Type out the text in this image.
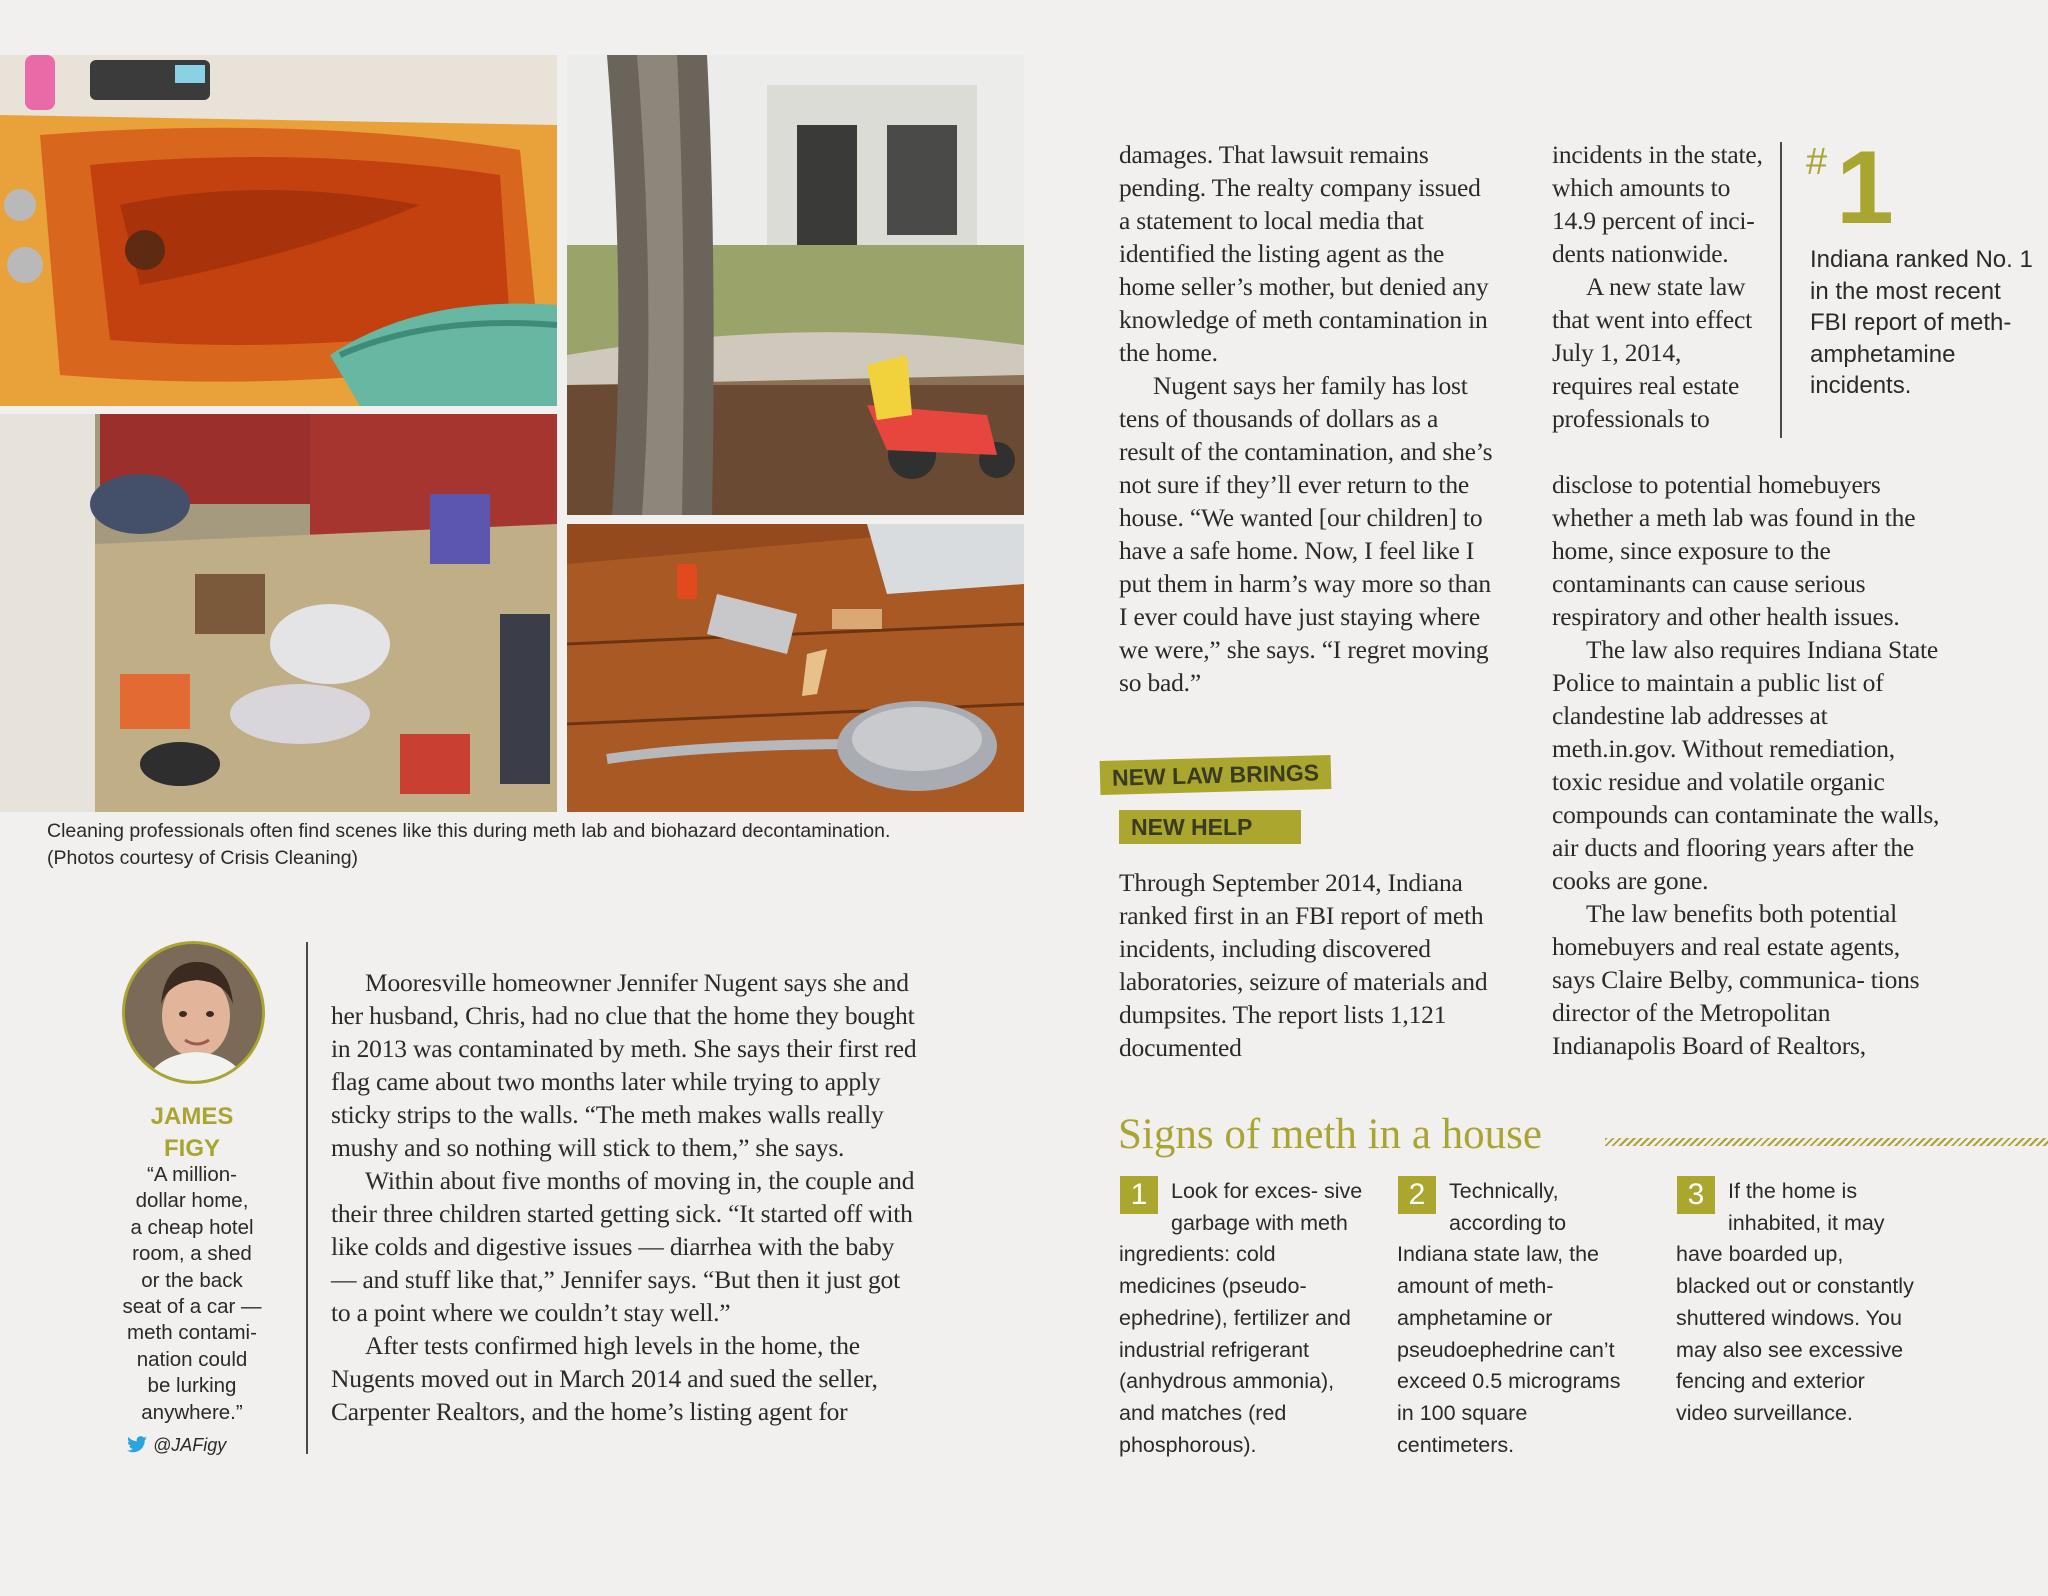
Cleaning professionals often find scenes like this during meth lab and biohazard decontamination.
(Photos courtesy of Crisis Cleaning)
JAMES
FIGY
“A million-
dollar home,
a cheap hotel
room, a shed
or the back
seat of a car —
meth contami-
nation could
be lurking
anywhere.”
@JAFigy

Mooresville homeowner Jennifer Nugent says she and her husband, Chris, had no clue that the home they bought in 2013 was contaminated by meth. She says their first red flag came about two months later while trying to apply sticky strips to the walls. “The meth makes walls really mushy and so nothing will stick to them,” she says.

Within about five months of moving in, the couple and their three children started getting sick. “It started off with like colds and digestive issues — diarrhea with the baby — and stuff like that,” Jennifer says. “But then it just got to a point where we couldn’t stay well.”

After tests confirmed high levels in the home, the Nugents moved out in March 2014 and sued the seller, Carpenter Realtors, and the home’s listing agent for

damages. That lawsuit remains pending. The realty company issued a statement to local media that identified the listing agent as the home seller’s mother, but denied any knowledge of meth contamination in the home.

Nugent says her family has lost tens of thousands of dollars as a result of the contamination, and she’s not sure if they’ll ever return to the house. “We wanted [our children] to have a safe home. Now, I feel like I put them in harm’s way more so than I ever could have just staying where we were,” she says. “I regret moving so bad.”

NEW LAW BRINGS
NEW HELP

Through September 2014, Indiana ranked first in an FBI report of meth incidents, including discovered laboratories, seizure of materials and dumpsites. The report lists 1,121 documented

incidents in the state, which amounts to 14.9 percent of inci- dents nationwide.

A new state law that went into effect July 1, 2014, requires real estate professionals to

disclose to potential homebuyers whether a meth lab was found in the home, since exposure to the contaminants can cause serious respiratory and other health issues.

The law also requires Indiana State Police to maintain a public list of clandestine lab addresses at meth.in.gov. Without remediation, toxic residue and volatile organic compounds can contaminate the walls, air ducts and flooring years after the cooks are gone.

The law benefits both potential homebuyers and real estate agents, says Claire Belby, communica- tions director of the Metropolitan Indianapolis Board of Realtors,

# 1
Indiana ranked No. 1 in the most recent FBI report of meth- amphetamine incidents.
Signs of meth in a house
1	Look for exces- sive garbage with meth ingredients: cold medicines (pseudo- ephedrine), fertilizer and industrial refrigerant (anhydrous ammonia), and matches (red phosphorous).
2	Technically, according to Indiana state law, the amount of meth- amphetamine or pseudoephedrine can’t exceed 0.5 micrograms in 100 square centimeters.
3	If the home is inhabited, it may have boarded up, blacked out or constantly shuttered windows. You may also see excessive fencing and exterior video surveillance.
